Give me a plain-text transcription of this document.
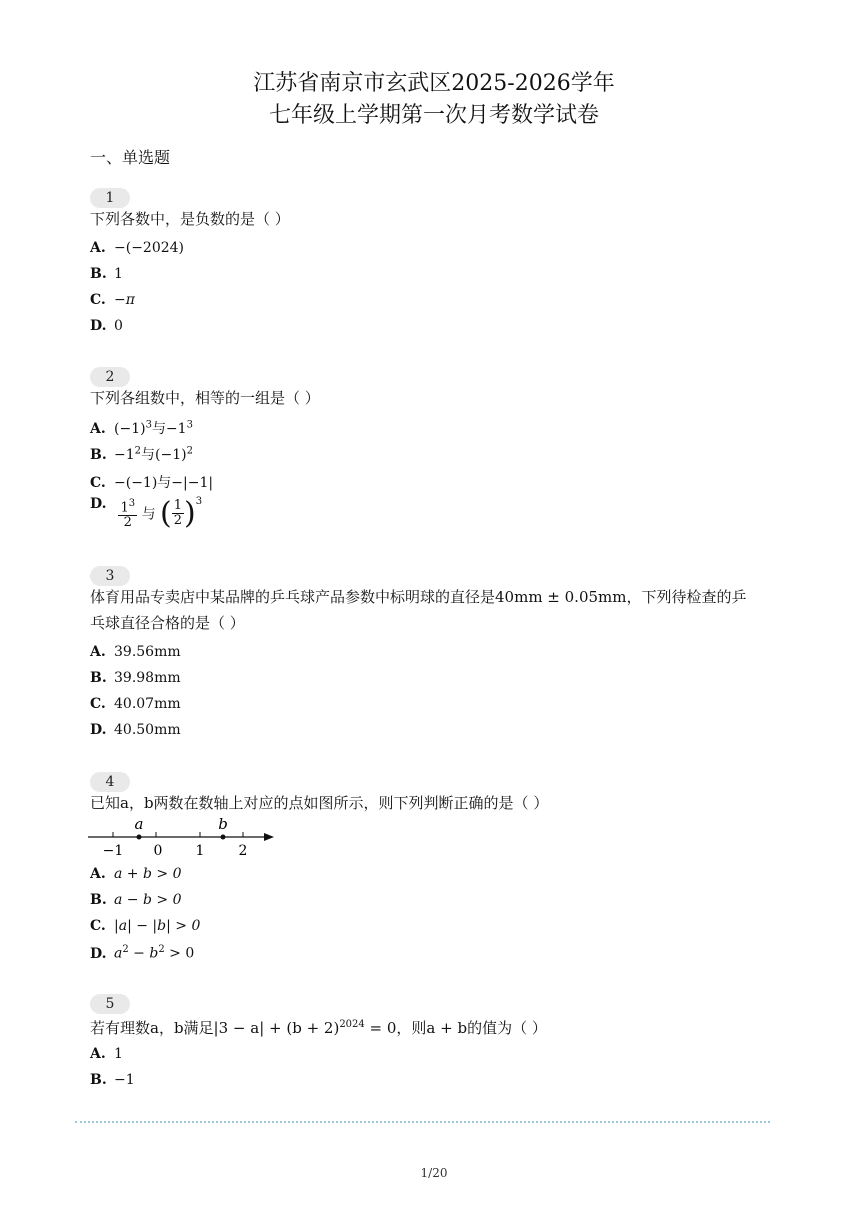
江苏省南京市玄武区2025-2026学年
七年级上学期第一次月考数学试卷
一、单选题
1
下列各数中，是负数的是（ ）
A. −(−2024)
B. 1
C. −π
D. 0
2
下列各组数中，相等的一组是（ ）
A. $(-1)^3$与$-1^3$
B. $-1^2$与$(-1)^2$
C. −(−1)与−|−1|
D. $\frac{1^3}{2}$ 与 ( $\frac{1}{2} )^3$
3
体育用品专卖店中某品牌的乒乓球产品参数中标明球的直径是40mm ± 0.05mm，下列待检查的乒乓球直径合格的是（ ）
A. 39.56mm
B. 39.98mm
C. 40.07mm
D. 40.50mm
4
已知a，b两数在数轴上对应的点如图所示，则下列判断正确的是（ ）
a	b
−1 0 1 2
A. a + b > 0
B. a − b > 0
C. |a| − |b| > 0
D. $a^2 - b^2 > 0$
5
若有理数a，b满足$|3 - a| + (b + 2)^{2024} = 0$，则a + b的值为（ ）
A. 1
B. −1
1/20
